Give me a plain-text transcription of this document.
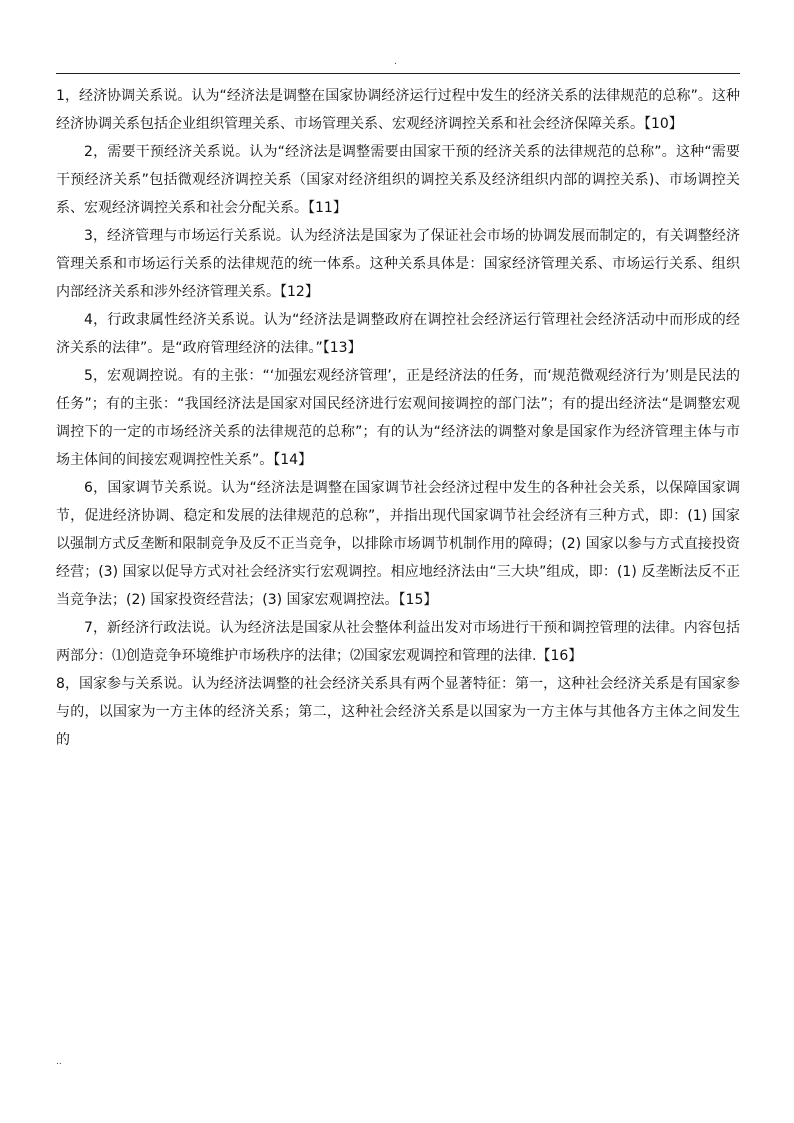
.

1，经济协调关系说。认为“经济法是调整在国家协调经济运行过程中发生的经济关系的法律规范的总称”。这种经济协调关系包括企业组织管理关系、市场管理关系、宏观经济调控关系和社会经济保障关系。【10】

2，需要干预经济关系说。认为“经济法是调整需要由国家干预的经济关系的法律规范的总称”。这种“需要干预经济关系”包括微观经济调控关系（国家对经济组织的调控关系及经济组织内部的调控关系)、市场调控关系、宏观经济调控关系和社会分配关系。【11】

3，经济管理与市场运行关系说。认为经济法是国家为了保证社会市场的协调发展而制定的，有关调整经济管理关系和市场运行关系的法律规范的统一体系。这种关系具体是：国家经济管理关系、市场运行关系、组织内部经济关系和涉外经济管理关系。【12】

4，行政隶属性经济关系说。认为“经济法是调整政府在调控社会经济运行管理社会经济活动中而形成的经济关系的法律”。是“政府管理经济的法律。”【13】

5，宏观调控说。有的主张：“‘加强宏观经济管理’，正是经济法的任务，而‘规范微观经济行为’则是民法的任务”；有的主张：“我国经济法是国家对国民经济进行宏观间接调控的部门法”；有的提出经济法“是调整宏观调控下的一定的市场经济关系的法律规范的总称”；有的认为“经济法的调整对象是国家作为经济管理主体与市场主体间的间接宏观调控性关系”。【14】

6，国家调节关系说。认为“经济法是调整在国家调节社会经济过程中发生的各种社会关系，以保障国家调节，促进经济协调、稳定和发展的法律规范的总称”，并指出现代国家调节社会经济有三种方式，即：(1) 国家以强制方式反垄断和限制竞争及反不正当竞争，以排除市场调节机制作用的障碍；(2) 国家以参与方式直接投资经营；(3) 国家以促导方式对社会经济实行宏观调控。相应地经济法由“三大块”组成，即：(1) 反垄断法反不正当竞争法；(2) 国家投资经营法；(3) 国家宏观调控法。【15】

7，新经济行政法说。认为经济法是国家从社会整体利益出发对市场进行干预和调控管理的法律。内容包括两部分：⑴创造竞争环境维护市场秩序的法律；⑵国家宏观调控和管理的法律.【16】

8，国家参与关系说。认为经济法调整的社会经济关系具有两个显著特征：第一，这种社会经济关系是有国家参与的，以国家为一方主体的经济关系；第二，这种社会经济关系是以国家为一方主体与其他各方主体之间发生的

..
